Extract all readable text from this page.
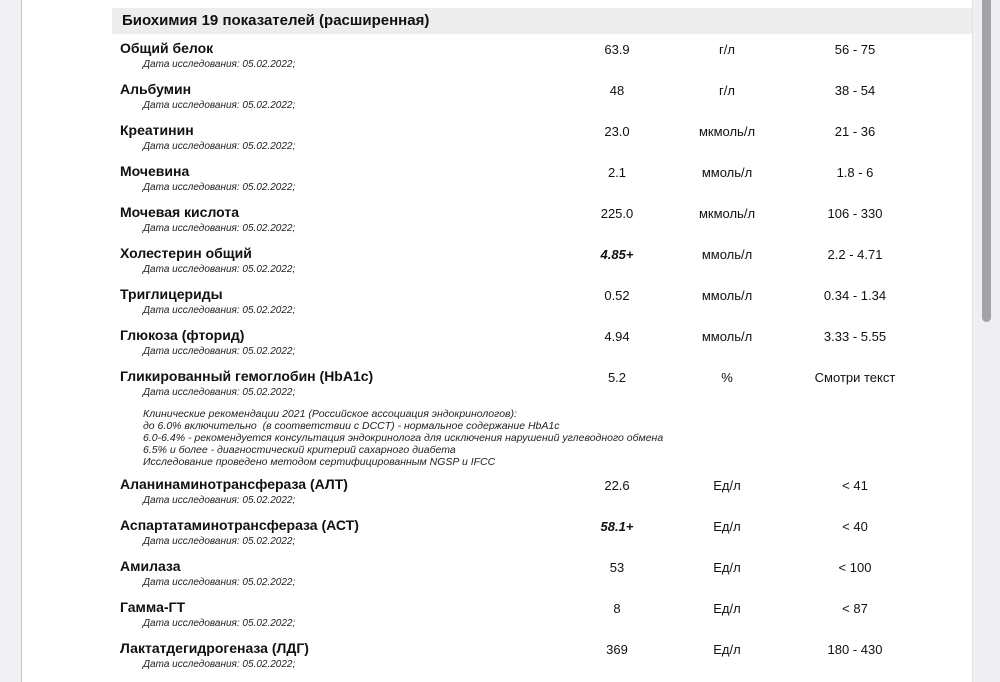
Биохимия 19 показателей (расширенная)
Общий белок
Дата исследования: 05.02.2022;
63.9	г/л	56 - 75
Альбумин
Дата исследования: 05.02.2022;
48	г/л	38 - 54
Креатинин
Дата исследования: 05.02.2022;
23.0	мкмоль/л	21 - 36
Мочевина
Дата исследования: 05.02.2022;
2.1	ммоль/л	1.8 - 6
Мочевая кислота
Дата исследования: 05.02.2022;
225.0	мкмоль/л	106 - 330
Холестерин общий
Дата исследования: 05.02.2022;
4.85+	ммоль/л	2.2 - 4.71
Триглицериды
Дата исследования: 05.02.2022;
0.52	ммоль/л	0.34 - 1.34
Глюкоза (фторид)
Дата исследования: 05.02.2022;
4.94	ммоль/л	3.33 - 5.55
Гликированный гемоглобин (HbA1c)
Дата исследования: 05.02.2022;
5.2	%	Смотри текст
Клинические рекомендации 2021 (Российское ассоциация эндокринологов):
до 6.0% включительно  (в соответствии с DCCT) - нормальное содержание HbA1c
6.0-6.4% - рекомендуется консультация эндокринолога для исключения нарушений углеводного обмена
6.5% и более - диагностический критерий сахарного диабета
Исследование проведено методом сертифицированным NGSP и IFCC
Аланинаминотрансфераза (АЛТ)
Дата исследования: 05.02.2022;
22.6	Ед/л	< 41
Аспартатаминотрансфераза (АСТ)
Дата исследования: 05.02.2022;
58.1+	Ед/л	< 40
Амилаза
Дата исследования: 05.02.2022;
53	Ед/л	< 100
Гамма-ГТ
Дата исследования: 05.02.2022;
8	Ед/л	< 87
Лактатдегидрогеназа (ЛДГ)
Дата исследования: 05.02.2022;
369	Ед/л	180 - 430
